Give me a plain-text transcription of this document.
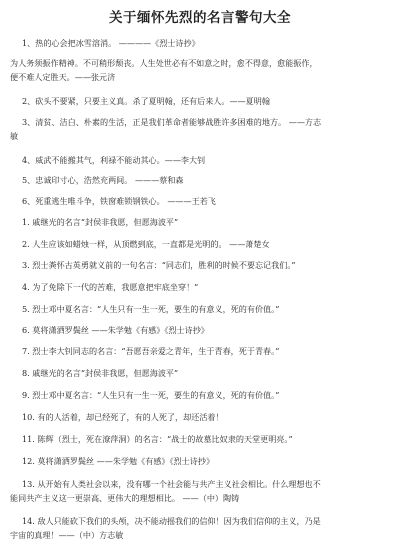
关于缅怀先烈的名言警句大全
1、热的心会把冰雪溶消。 ————《烈士诗抄》
为人务须振作精神。不可稍形颓丧。人生处世必有不如意之时，愈不得意，愈能振作，
便不难人定胜天。——张元济
2、砍头不要紧，只要主义真。杀了夏明翰，还有后来人。——夏明翰
3、清贫、洁白、朴素的生活，正是我们革命者能够战胜许多困难的地方。 ——方志
敏
4、威武不能搬其气，利禄不能动其心。——李大钊
5、忠诚印寸心，浩然充两间。 ———蔡和森
6、死重逃生唯斗争，铁窗难锁钢铁心。 ———王若飞
1. 戚继光的名言“封侯非我愿，但愿海波平”
2. 人生应该如蜡烛一样，从顶燃到底，一直都是光明的。 ——萧楚女
3. 烈士粪怀古英勇就义前的一句名言：“同志们，胜利的时候不要忘记我们。”
4. 为了免除下一代的苦难，我愿意把牢底坐穿！”
5. 烈士邓中夏名言：“人生只有一生一死，要生的有意义，死的有价值。”
6. 莫将潇洒罗鬓丝 ——朱学勉《有感》《烈士诗抄》
7. 烈士李大钊同志的名言：“吾愿吾亲爱之青年，生于青春，死于青春。”
8. 戚继光的名言“封侯非我愿，但愿海波平”
9. 烈士邓中夏名言：“人生只有一生一死，要生的有意义，死的有价值。”
10. 有的人活着，却已经死了，有的人死了，却还活着！
11. 陈辉（烈士，死在潦萍洞）的名言：“战士的故墓比奴隶的天堂更明亮。”
12. 莫将潇洒罗鬓丝 ——朱学勉《有感》《烈士诗抄》
13. 从开始有人类社会以来，没有哪一个社会能与共产主义社会相比。什么理想也不
能同共产主义这一更崇高、更伟大的理想相比。 ——（中）陶铸
14. 敌人只能砍下我们的头颅，决不能动摇我们的信仰！因为我们信仰的主义，乃是
宇宙的真理！——（中）方志敏
